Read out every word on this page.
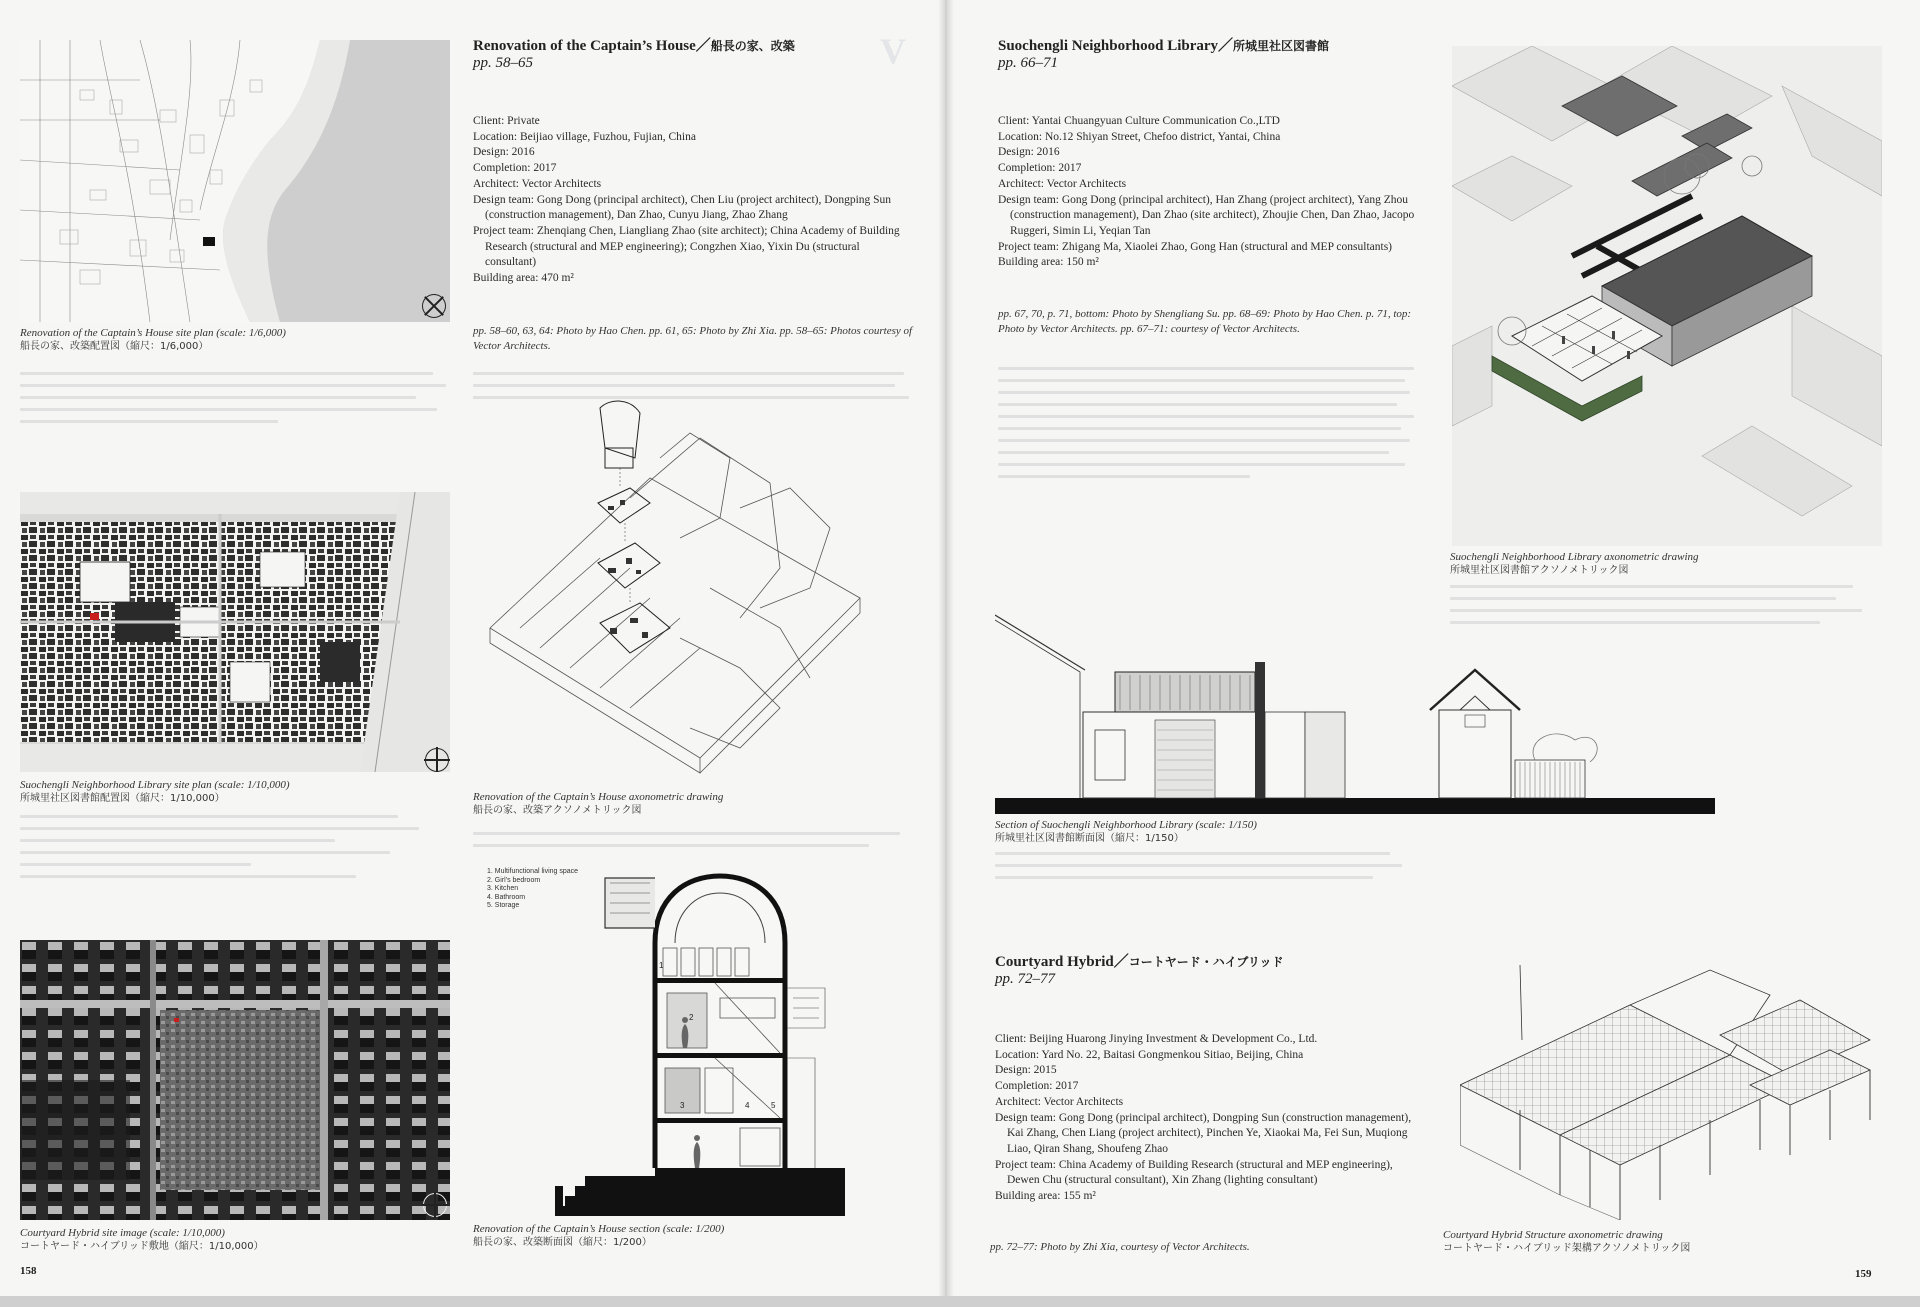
V
Renovation of the Captain’s House site plan (scale: 1/6,000)
船長の家、改築配置図（縮尺：1/6,000）
Suochengli Neighborhood Library site plan (scale: 1/10,000)
所城里社区図書館配置図（縮尺：1/10,000）
Courtyard Hybrid site image (scale: 1/10,000)
コートヤード・ハイブリッド敷地（縮尺：1/10,000）
Renovation of the Captain’s House／船長の家、改築
pp. 58–65
Client: Private
Location: Beijiao village, Fuzhou, Fujian, China
Design: 2016
Completion: 2017
Architect: Vector Architects
Design team: Gong Dong (principal architect), Chen Liu (project architect), Dongping Sun (construction management), Dan Zhao, Cunyu Jiang, Zhao Zhang
Project team: Zhenqiang Chen, Liangliang Zhao (site architect); China Academy of Building Research (structural and MEP engineering); Congzhen Xiao, Yixin Du (structural consultant)
Building area: 470 m²
pp. 58–60, 63, 64: Photo by Hao Chen. pp. 61, 65: Photo by Zhi Xia. pp. 58–65: Photos courtesy of Vector Architects.
Renovation of the Captain’s House axonometric drawing
船長の家、改築アクソノメトリック図
1. Multifunctional living space
2. Girl’s bedroom
3. Kitchen
4. Bathroom
5. Storage
1
2
3	4	5
Renovation of the Captain’s House section (scale: 1/200)
船長の家、改築断面図（縮尺：1/200）
158
Suochengli Neighborhood Library／所城里社区図書館
pp. 66–71
Client: Yantai Chuangyuan Culture Communication Co.,LTD
Location: No.12 Shiyan Street, Chefoo district, Yantai, China
Design: 2016
Completion: 2017
Architect: Vector Architects
Design team: Gong Dong (principal architect), Han Zhang (project architect), Yang Zhou (construction management), Dan Zhao (site architect), Zhoujie Chen, Dan Zhao, Jacopo Ruggeri, Simin Li, Yeqian Tan
Project team: Zhigang Ma, Xiaolei Zhao, Gong Han (structural and MEP consultants)
Building area: 150 m²
pp. 67, 70, p. 71, bottom: Photo by Shengliang Su. pp. 68–69: Photo by Hao Chen. p. 71, top: Photo by Vector Architects. pp. 67–71: courtesy of Vector Architects.
Suochengli Neighborhood Library axonometric drawing
所城里社区図書館アクソノメトリック図
Section of Suochengli Neighborhood Library (scale: 1/150)
所城里社区図書館断面図（縮尺：1/150）
Courtyard Hybrid／コートヤード・ハイブリッド
pp. 72–77
Client: Beijing Huarong Jinying Investment & Development Co., Ltd.
Location: Yard No. 22, Baitasi Gongmenkou Sitiao, Beijing, China
Design: 2015
Completion: 2017
Architect: Vector Architects
Design team: Gong Dong (principal architect), Dongping Sun (construction management), Kai Zhang, Chen Liang (project architect), Pinchen Ye, Xiaokai Ma, Fei Sun, Muqiong Liao, Qiran Shang, Shoufeng Zhao
Project team: China Academy of Building Research (structural and MEP engineering), Dewen Chu (structural consultant), Xin Zhang (lighting consultant)
Building area: 155 m²
pp. 72–77: Photo by Zhi Xia, courtesy of Vector Architects.
Courtyard Hybrid Structure axonometric drawing
コートヤード・ハイブリッド架構アクソノメトリック図
159
